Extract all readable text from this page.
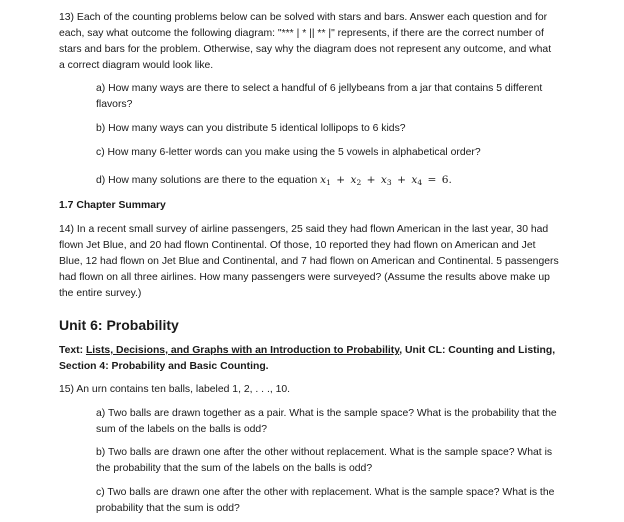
13) Each of the counting problems below can be solved with stars and bars. Answer each question and for each, say what outcome the following diagram: "*** | * || ** |" represents, if there are the correct number of stars and bars for the problem. Otherwise, say why the diagram does not represent any outcome, and what a correct diagram would look like.

a) How many ways are there to select a handful of 6 jellybeans from a jar that contains 5 different flavors?

b) How many ways can you distribute 5 identical lollipops to 6 kids?

c) How many 6-letter words can you make using the 5 vowels in alphabetical order?

d) How many solutions are there to the equation $x_1 + x_2 + x_3 + x_4 = 6$.

1.7 Chapter Summary

14) In a recent small survey of airline passengers, 25 said they had flown American in the last year, 30 had flown Jet Blue, and 20 had flown Continental. Of those, 10 reported they had flown on American and Jet Blue, 12 had flown on Jet Blue and Continental, and 7 had flown on American and Continental. 5 passengers had flown on all three airlines. How many passengers were surveyed? (Assume the results above make up the entire survey.)

Unit 6: Probability

Text: Lists, Decisions, and Graphs with an Introduction to Probability, Unit CL: Counting and Listing, Section 4: Probability and Basic Counting.

15) An urn contains ten balls, labeled 1, 2, . . ., 10.

a) Two balls are drawn together as a pair. What is the sample space? What is the probability that the sum of the labels on the balls is odd?

b) Two balls are drawn one after the other without replacement. What is the sample space? What is the probability that the sum of the labels on the balls is odd?

c) Two balls are drawn one after the other with replacement. What is the sample space? What is the probability that the sum is odd?
